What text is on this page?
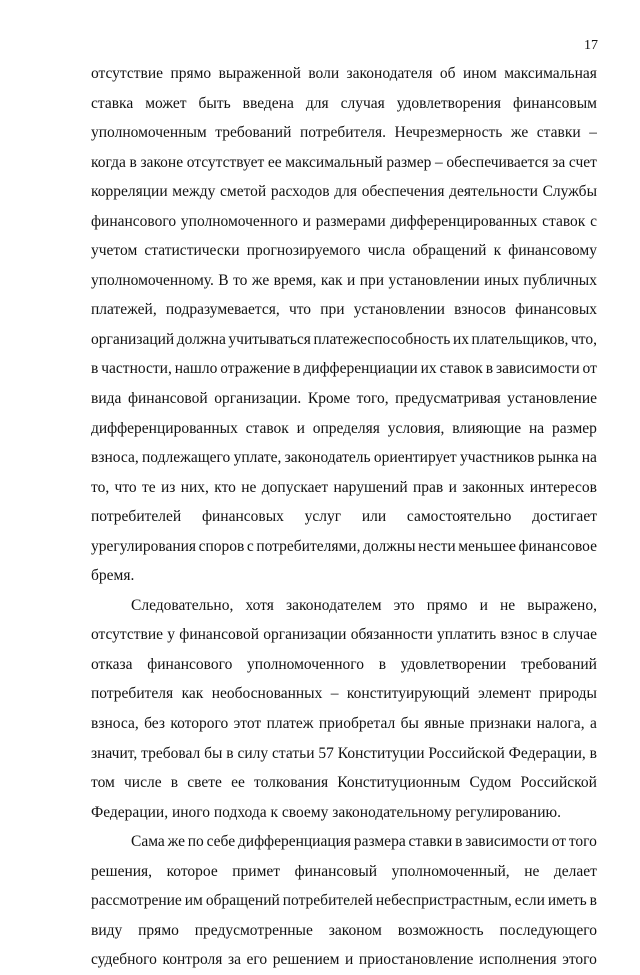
17
отсутствие прямо выраженной воли законодателя об ином максимальная
ставка может быть введена для случая удовлетворения финансовым
уполномоченным требований потребителя. Нечрезмерность же ставки –
когда в законе отсутствует ее максимальный размер – обеспечивается за счет
корреляции между сметой расходов для обеспечения деятельности Службы
финансового уполномоченного и размерами дифференцированных ставок с
учетом статистически прогнозируемого числа обращений к финансовому
уполномоченному. В то же время, как и при установлении иных публичных
платежей, подразумевается, что при установлении взносов финансовых
организаций должна учитываться платежеспособность их плательщиков, что,
в частности, нашло отражение в дифференциации их ставок в зависимости от
вида финансовой организации. Кроме того, предусматривая установление
дифференцированных ставок и определяя условия, влияющие на размер
взноса, подлежащего уплате, законодатель ориентирует участников рынка на
то, что те из них, кто не допускает нарушений прав и законных интересов
потребителей финансовых услуг или самостоятельно достигает
урегулирования споров с потребителями, должны нести меньшее финансовое
бремя.
Следовательно, хотя законодателем это прямо и не выражено,
отсутствие у финансовой организации обязанности уплатить взнос в случае
отказа финансового уполномоченного в удовлетворении требований
потребителя как необоснованных – конституирующий элемент природы
взноса, без которого этот платеж приобретал бы явные признаки налога, а
значит, требовал бы в силу статьи 57 Конституции Российской Федерации, в
том числе в свете ее толкования Конституционным Судом Российской
Федерации, иного подхода к своему законодательному регулированию.
Сама же по себе дифференциация размера ставки в зависимости от того
решения, которое примет финансовый уполномоченный, не делает
рассмотрение им обращений потребителей небеспристрастным, если иметь в
виду прямо предусмотренные законом возможность последующего
судебного контроля за его решением и приостановление исполнения этого
